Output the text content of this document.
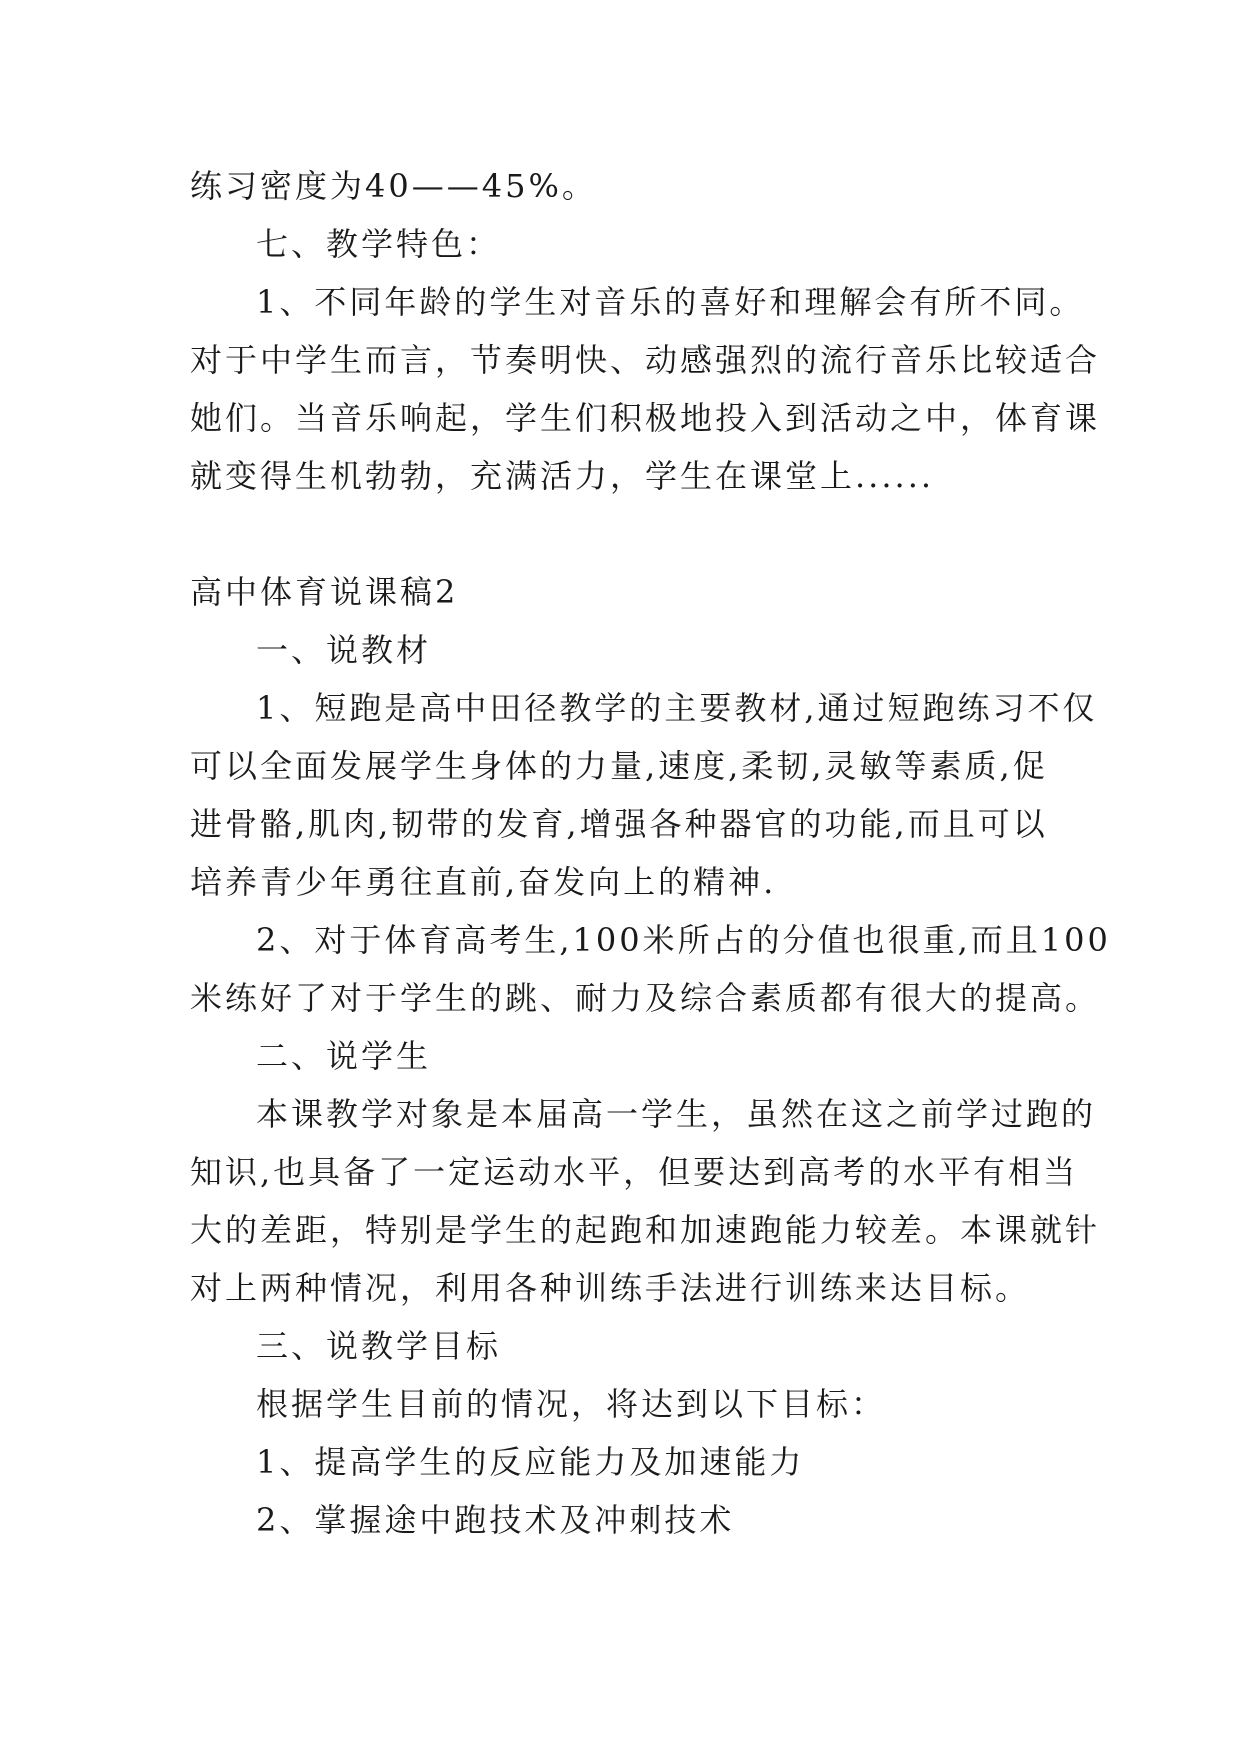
练习密度为40——45%。
七、教学特色：
1、不同年龄的学生对音乐的喜好和理解会有所不同。
对于中学生而言，节奏明快、动感强烈的流行音乐比较适合
她们。当音乐响起，学生们积极地投入到活动之中，体育课
就变得生机勃勃，充满活力，学生在课堂上......
高中体育说课稿2
一、说教材
1、短跑是高中田径教学的主要教材,通过短跑练习不仅
可以全面发展学生身体的力量,速度,柔韧,灵敏等素质,促
进骨骼,肌肉,韧带的发育,增强各种器官的功能,而且可以
培养青少年勇往直前,奋发向上的精神.
2、对于体育高考生,100米所占的分值也很重,而且100
米练好了对于学生的跳、耐力及综合素质都有很大的提高。
二、说学生
本课教学对象是本届高一学生，虽然在这之前学过跑的
知识,也具备了一定运动水平，但要达到高考的水平有相当
大的差距，特别是学生的起跑和加速跑能力较差。本课就针
对上两种情况，利用各种训练手法进行训练来达目标。
三、说教学目标
根据学生目前的情况，将达到以下目标：
1、提高学生的反应能力及加速能力
2、掌握途中跑技术及冲刺技术
